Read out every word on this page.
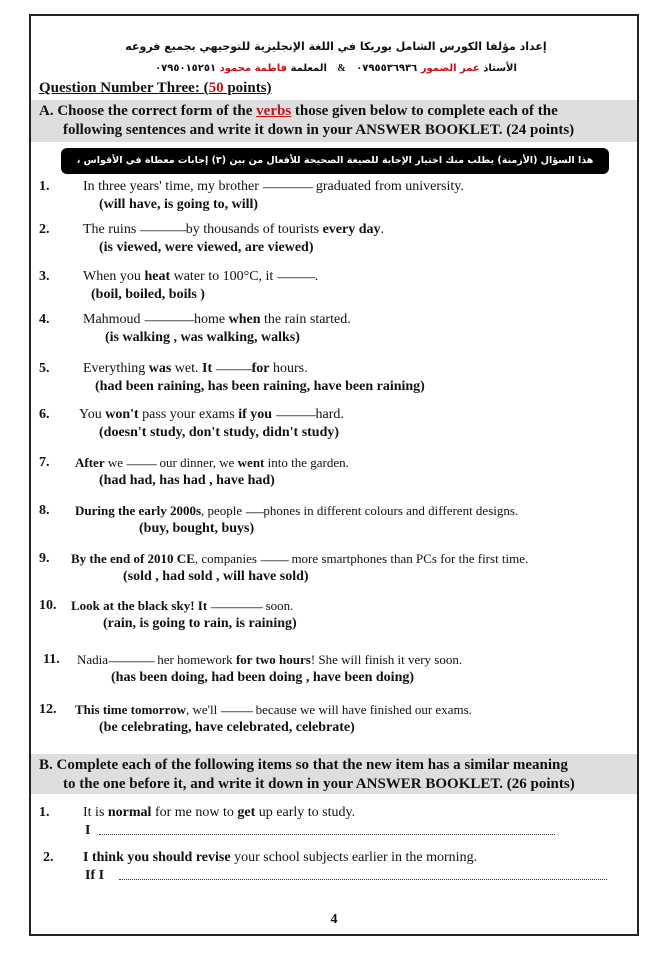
إعداد مؤلفا الكورس الشامل يوريكا في اللغة الإنجليزية للتوجيهي بجميع فروعه
الأستاذ عمر الضمور ٠٧٩٥٥٣٦٩٣٦   &   المعلمة فاطمة محمود ٠٧٩٥٠١٥٢٥١
Question Number Three: (50 points)
A. Choose the correct form of the verbs those given below to complete each of the
following sentences and write it down in your ANSWER BOOKLET. (24 points)
هذا السؤال (الأزمنة) يطلب منك اختيار الإجابة للصيغة الصحيحة للأفعال من بين (٣) إجابات معطاة في الأقواس ،
1. In three years' time, my brother ------------------------- graduated from university.
(will have, is going to, will)
2. The ruins -----------------------by thousands of tourists every day.
(is viewed, were viewed, are viewed)
3. When you heat water to 100°C, it -------------------.
(boil, boiled, boils )
4. Mahmoud -------------------------home when the rain started.
(is walking , was walking, walks)
5. Everything was wet. It ------------------for hours.
(had been raining, has been raining, have been raining)
6. You won't pass your exams if you --------------------hard.
(doesn't study, don't study, didn't study)
7. After we --------------- our dinner, we went into the garden.
(had had, has had , have had)
8. During the early 2000s, people ---------phones in different colours and different designs.
(buy, bought, buys)
9. By the end of 2010 CE, companies -------------- more smartphones than PCs for the first time.
(sold , had sold , will have sold)
10. Look at the black sky! It -------------------------- soon.
(rain, is going to rain, is raining)
11. Nadia----------------------- her homework for two hours! She will finish it very soon.
(has been doing, had been doing , have been doing)
12. This time tomorrow, we'll ---------------- because we will have finished our exams.
(be celebrating, have celebrated, celebrate)
B. Complete each of the following items so that the new item has a similar meaning
to the one before it, and write it down in your ANSWER BOOKLET. (26 points)
1. It is normal for me now to get up early to study.
I
2. I think you should revise your school subjects earlier in the morning.
If I
4
